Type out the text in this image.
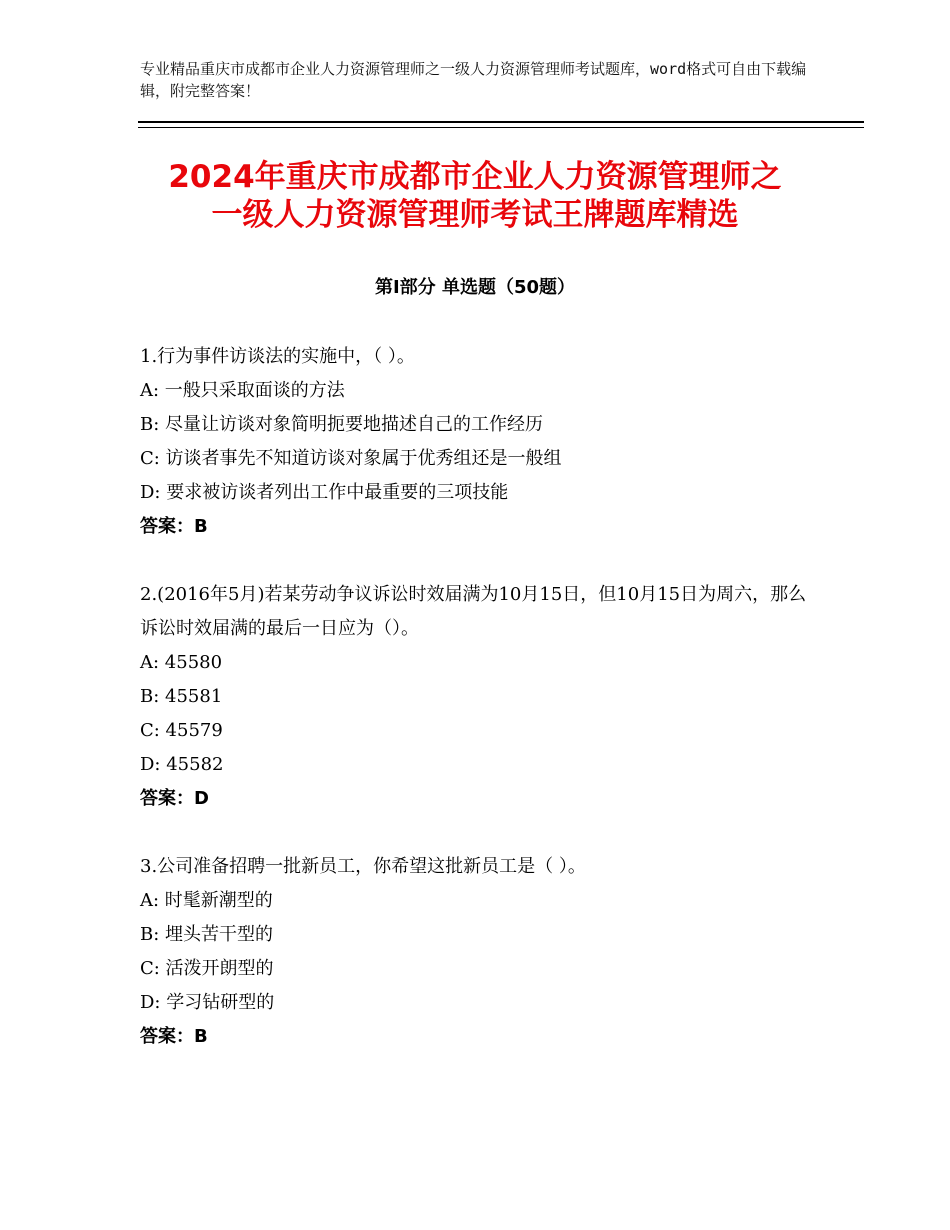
专业精品重庆市成都市企业人力资源管理师之一级人力资源管理师考试题库，word格式可自由下载编辑，附完整答案！

2024年重庆市成都市企业人力资源管理师之
一级人力资源管理师考试王牌题库精选
第I部分 单选题（50题）

1.行为事件访谈法的实施中，（ ）。

A: 一般只采取面谈的方法

B: 尽量让访谈对象简明扼要地描述自己的工作经历

C: 访谈者事先不知道访谈对象属于优秀组还是一般组

D: 要求被访谈者列出工作中最重要的三项技能

答案：B

2.(2016年5月)若某劳动争议诉讼时效届满为10月15日，但10月15日为周六，那么诉讼时效届满的最后一日应为（）。

A: 45580

B: 45581

C: 45579

D: 45582

答案：D

3.公司准备招聘一批新员工，你希望这批新员工是（ ）。

A: 时髦新潮型的

B: 埋头苦干型的

C: 活泼开朗型的

D: 学习钻研型的

答案：B
